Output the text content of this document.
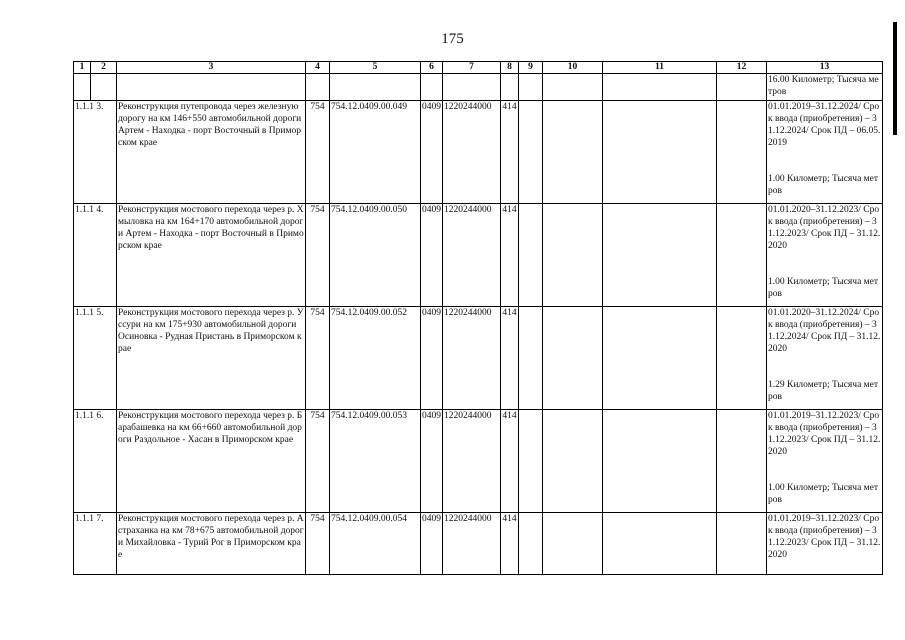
175
1	2	3	4	5	6	7	8	9	10	11	12	13
												16.00 Километр; Тысяча метров
1.1.1 3.		Реконструкция путепровода через железную дорогу на км 146+550 автомобильной дороги Артем - Находка - порт Восточный в Приморском крае	754	754.12.0409.00.049	0409	1220244000	414					01.01.2019–31.12.2024/ Срок ввода (приобретения) – 31.12.2024/ Срок ПД – 06.05.2019
1.00 Километр; Тысяча метров
1.1.1 4.		Реконструкция мостового перехода через р. Хмыловка на км 164+170 автомобильной дороги Артем - Находка - порт Восточный в Приморском крае	754	754.12.0409.00.050	0409	1220244000	414					01.01.2020–31.12.2023/ Срок ввода (приобретения) – 31.12.2023/ Срок ПД – 31.12.2020
1.00 Километр; Тысяча метров
1.1.1 5.		Реконструкция мостового перехода через р. Уссури на км 175+930 автомобильной дороги Осиновка - Рудная Пристань в Приморском крае	754	754.12.0409.00.052	0409	1220244000	414					01.01.2020–31.12.2024/ Срок ввода (приобретения) – 31.12.2024/ Срок ПД – 31.12.2020
1.29 Километр; Тысяча метров
1.1.1 6.		Реконструкция мостового перехода через р. Барабашевка на км 66+660 автомобильной дороги Раздольное - Хасан в Приморском крае	754	754.12.0409.00.053	0409	1220244000	414					01.01.2019–31.12.2023/ Срок ввода (приобретения) – 31.12.2023/ Срок ПД – 31.12.2020
1.00 Километр; Тысяча метров
1.1.1 7.		Реконструкция мостового перехода через р. Астраханка на км 78+675 автомобильной дороги Михайловка - Турий Рог в Приморском крае	754	754.12.0409.00.054	0409	1220244000	414					01.01.2019–31.12.2023/ Срок ввода (приобретения) – 31.12.2023/ Срок ПД – 31.12.2020
